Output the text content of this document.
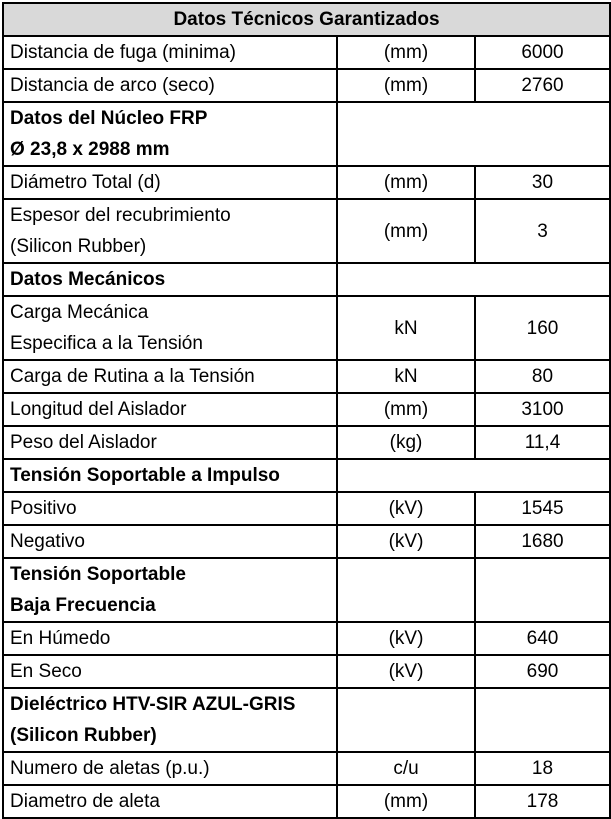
Datos Técnicos Garantizados		
Distancia de fuga (minima)	(mm)	6000
Distancia de arco (seco)	(mm)	2760

Datos del Núcleo FRP
Ø 23,8 x 2988 mm		

Diámetro Total (d)	(mm)	30

Espesor del recubrimiento
(Silicon Rubber)	(mm)	3

Datos Mecánicos		

Carga Mecánica
Especifica a la Tensión	kN	160
Carga de Rutina a la Tensión	kN	80
Longitud del Aislador	(mm)	3100
Peso del Aislador	(kg)	11,4

Tensión Soportable a Impulso		

Positivo	(kV)	1545
Negativo	(kV)	1680

Tensión Soportable
Baja Frecuencia		

En Húmedo	(kV)	640
En Seco	(kV)	690

Dieléctrico HTV-SIR AZUL-GRIS
(Silicon Rubber)		

Numero de aletas (p.u.)	c/u	18
Diametro de aleta	(mm)	178
